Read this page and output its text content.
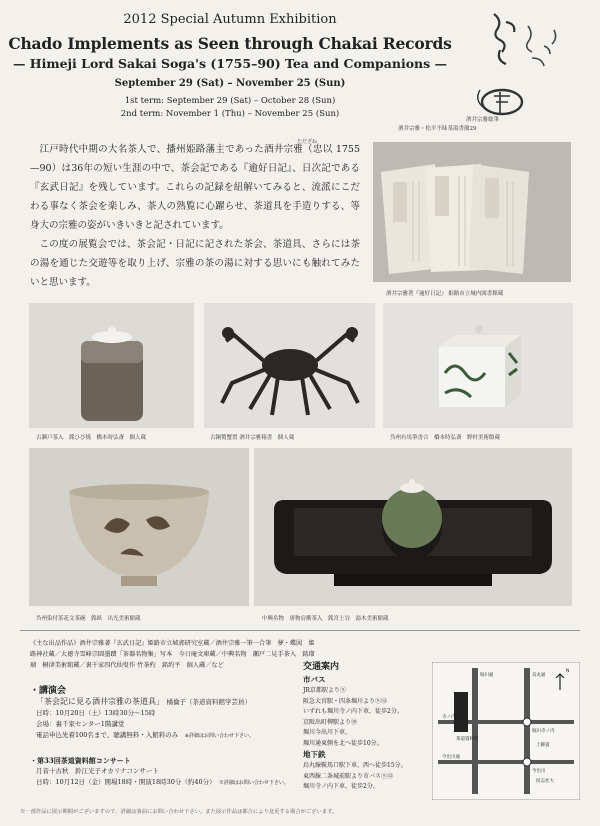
2012 Special Autumn Exhibition
Chado Implements as Seen through Chakai Records
— Himeji Lord Sakai Soga's (1755–90) Tea and Companions —
September 29 (Sat) – November 25 (Sun)
1st term: September 29 (Sat) – October 28 (Sun)
2nd term: November 1 (Thu) – November 25 (Sun)
酒井宗雅総筆
酒井宗雅・松平不昧茶湯書簡29
ただざね

江戸時代中期の大名茶人で、播州姫路藩主であった酒井宗雅（忠以 1755—90）は36年の短い生涯の中で、茶会記である『逾好日記』、日次記である『玄武日記』を残しています。これらの記録を紐解いてみると、流派にこだわる事なく茶会を楽しみ、茶人の熟覧に心躍らせ、茶道具を手造りする、等身大の宗雅の姿がいきいきと記されています。

この度の展覧会では、茶会記・日記に記された茶会、茶道具、さらには茶の湯を通じた交遊等を取り上げ、宗雅の茶の湯に対する思いにも触れてみたいと思います。

酒井宗雅著『逾好日記』 姫路市立城内図書館蔵
古瀬戸茶入　銘ひび焼　橋本時弘斎　個人蔵	古銅製蟹置 酒井宗雅箱書　個人蔵	呉州有馬筆香合　橋本時弘斎　野村美術館蔵
呉州染付茶花文茶碗　銘紙　出光美術館蔵	中興名物　唐物肩衝茶入　銘宮土谷　湯木美術館蔵
《主な出品作品》酒井宗雅著『玄武日記』姫路市立城郭研究室蔵／酒井宗雅一筆一合筆　夢・蝶図　姫路神社蔵／大徳寺雪峰宗圓墨蹟「茶器名物集」写本　今日庵文庫蔵／中興名物　瀬戸二見手茶入　銘瑠璃　桐津美術館蔵／裏千家四代仙叟作 竹茶杓　銘約平　個人蔵／など
・講演会
「茶会記に見る酒井宗雅の茶道具」　 橘倫子（茶道資料館学芸員）
日時：10月20日（土）13時30分〜15時
会場：裏千家センター1階講堂
電話申込先着100名まで、聴講無料・入館料のみ　 ※詳細はお問い合わせ下さい。
・第33回茶道資料館コンサート
月音十古秋　鈴江光子オカリナコンサート
日時：10月12日（金）開場18時・開演18時30分（約40分）　 ※詳細はお問い合わせ下さい。
交通案内
市バス
JR京都駅より⑨
阪急大宮駅・四条堀川より⑨⑫
いずれも堀川寺ノ内下車、徒歩2分。
京阪出町柳駅より⑩
堀川今出川下車、
堀川通東側を北へ徒歩10分。
地下鉄
烏丸線鞍馬口駅下車、西へ徒歩15分。
東西線二条城前駅より市バス⑨⑫
堀川寺ノ内下車、徒歩2分。
堀川通
茶道資料館
今出川通
寺ノ内通
烏丸通
同志社大
今出川
堀川寺ノ内
上御霊
N
※一部作品に展示期間がございますので、詳細は事前にお問い合わせ下さい。また展示作品は都合により変更する場合がございます。
